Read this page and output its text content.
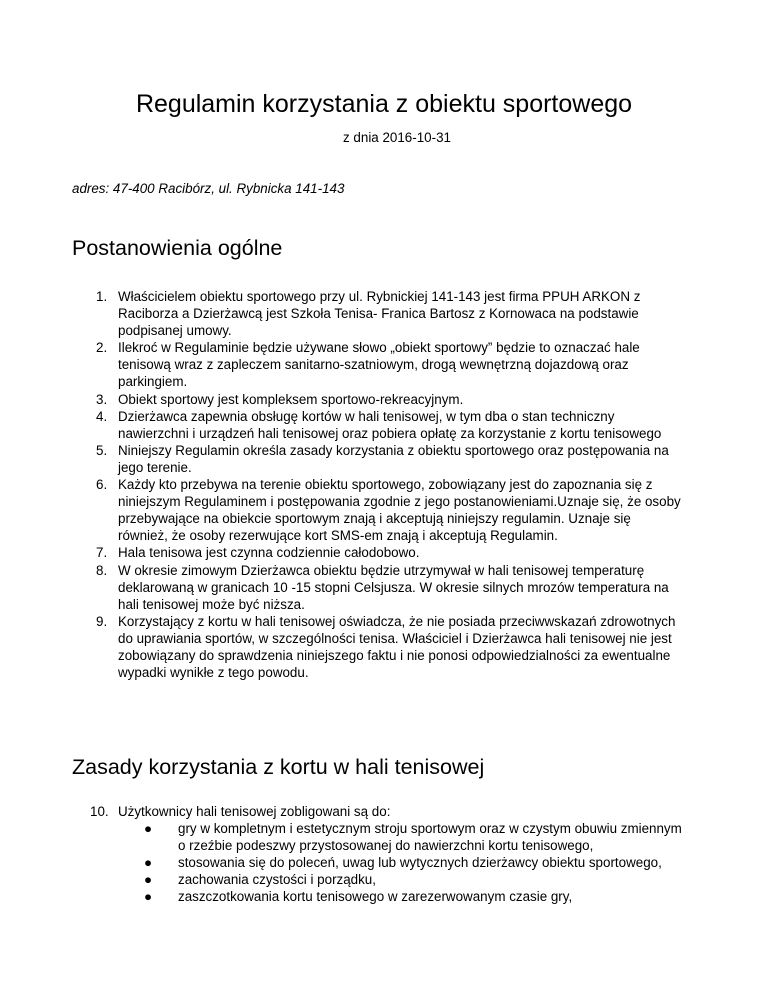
Regulamin korzystania z obiektu sportowego
z dnia 2016-10-31
adres: 47-400 Racibórz, ul. Rybnicka 141-143
Postanowienia ogólne
1. Właścicielem obiektu sportowego przy ul. Rybnickiej 141-143 jest firma PPUH ARKON z Raciborza a Dzierżawcą jest Szkoła Tenisa- Franica Bartosz z Kornowaca na podstawie podpisanej umowy.
2. Ilekroć w Regulaminie będzie używane słowo „obiekt sportowy” będzie to oznaczać hale tenisową wraz z zapleczem sanitarno-szatniowym, drogą wewnętrzną dojazdową oraz parkingiem.
3. Obiekt sportowy jest kompleksem sportowo-rekreacyjnym.
4. Dzierżawca zapewnia obsługę kortów w hali tenisowej, w tym dba o stan techniczny nawierzchni i urządzeń hali tenisowej oraz pobiera opłatę za korzystanie z kortu tenisowego
5. Niniejszy Regulamin określa zasady korzystania z obiektu sportowego oraz postępowania na jego terenie.
6. Każdy kto przebywa na terenie obiektu sportowego, zobowiązany jest do zapoznania się z niniejszym Regulaminem i postępowania zgodnie z jego postanowieniami.Uznaje się, że osoby przebywające na obiekcie sportowym znają i akceptują niniejszy regulamin. Uznaje się również, że osoby rezerwujące kort SMS-em znają i akceptują Regulamin.
7. Hala tenisowa jest czynna codziennie całodobowo.
8. W okresie zimowym Dzierżawca obiektu będzie utrzymywał w hali tenisowej temperaturę deklarowaną w granicach 10 -15 stopni Celsjusza. W okresie silnych mrozów temperatura na hali tenisowej może być niższa.
9. Korzystający z kortu w hali tenisowej oświadcza, że nie posiada przeciwwskazań zdrowotnych do uprawiania sportów, w szczególności tenisa. Właściciel i Dzierżawca hali tenisowej nie jest zobowiązany do sprawdzenia niniejszego faktu i nie ponosi odpowiedzialności za ewentualne wypadki wynikłe z tego powodu.
Zasady korzystania z kortu w hali tenisowej
10. Użytkownicy hali tenisowej zobligowani są do:
● gry w kompletnym i estetycznym stroju sportowym oraz w czystym obuwiu zmiennym o rzeźbie podeszwy przystosowanej do nawierzchni kortu tenisowego,
● stosowania się do poleceń, uwag lub wytycznych dzierżawcy obiektu sportowego,
● zachowania czystości i porządku,
● zaszczotkowania kortu tenisowego w zarezerwowanym czasie gry,
